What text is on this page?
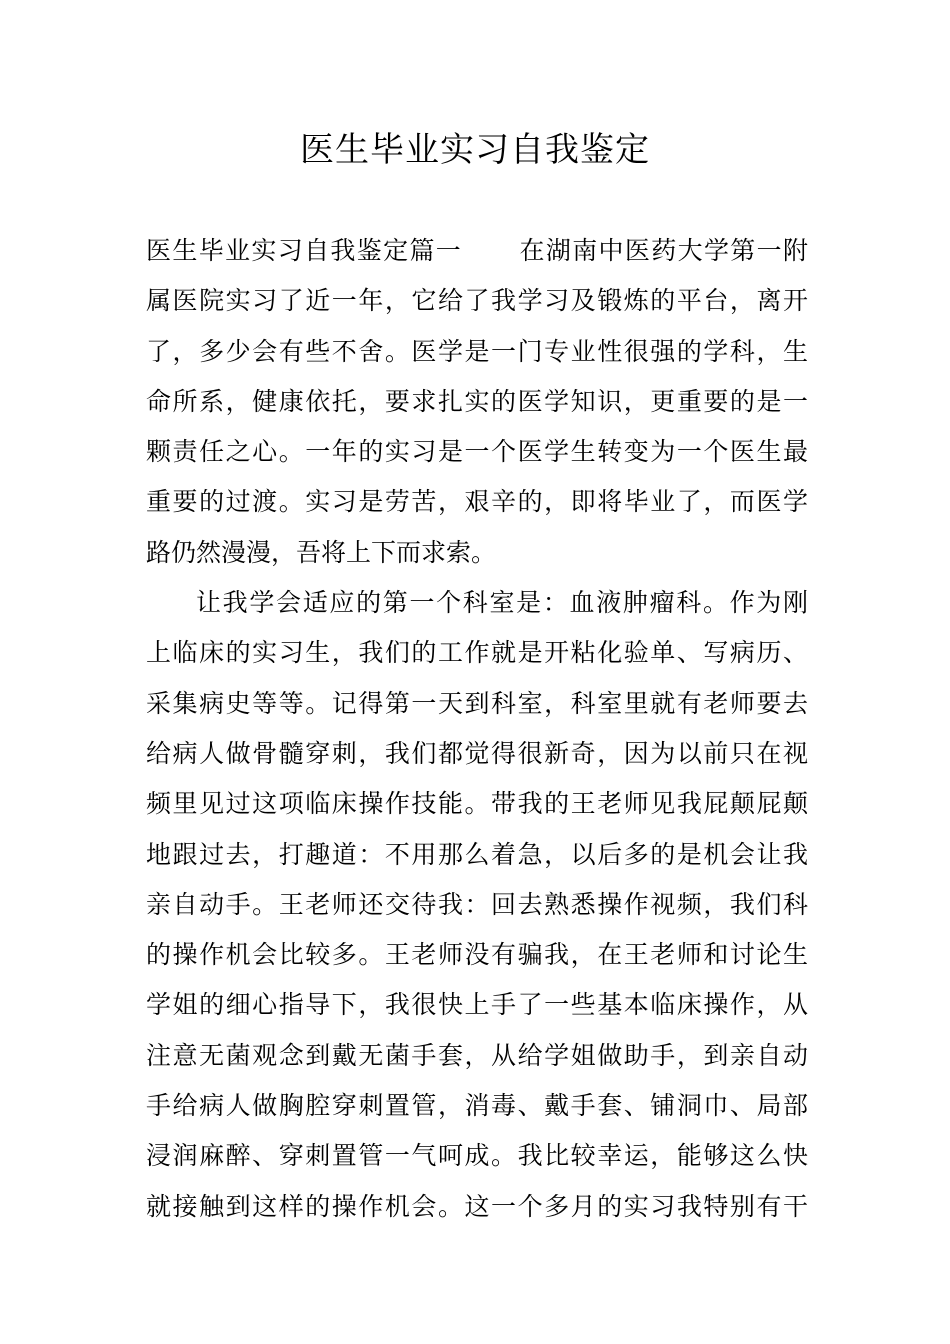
医生毕业实习自我鉴定
医生毕业实习自我鉴定篇一 在湖南中医药大学第一附
属医院实习了近一年，它给了我学习及锻炼的平台，离开
了，多少会有些不舍。医学是一门专业性很强的学科，生
命所系，健康依托，要求扎实的医学知识，更重要的是一
颗责任之心。一年的实习是一个医学生转变为一个医生最
重要的过渡。实习是劳苦，艰辛的，即将毕业了，而医学
路仍然漫漫，吾将上下而求索。
让我学会适应的第一个科室是：血液肿瘤科。作为刚
上临床的实习生，我们的工作就是开粘化验单、写病历、
采集病史等等。记得第一天到科室，科室里就有老师要去
给病人做骨髓穿刺，我们都觉得很新奇，因为以前只在视
频里见过这项临床操作技能。带我的王老师见我屁颠屁颠
地跟过去，打趣道：不用那么着急，以后多的是机会让我
亲自动手。王老师还交待我：回去熟悉操作视频，我们科
的操作机会比较多。王老师没有骗我，在王老师和讨论生
学姐的细心指导下，我很快上手了一些基本临床操作，从
注意无菌观念到戴无菌手套，从给学姐做助手，到亲自动
手给病人做胸腔穿刺置管，消毒、戴手套、铺洞巾、局部
浸润麻醉、穿刺置管一气呵成。我比较幸运，能够这么快
就接触到这样的操作机会。这一个多月的实习我特别有干
